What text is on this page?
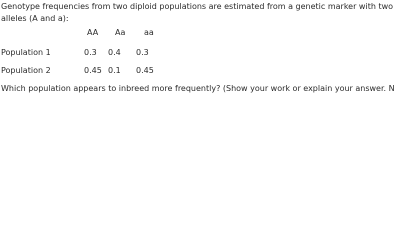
Genotype frequencies from two diploid populations are estimated from a genetic marker with two
alleles (A and a):
AA Aa aa
Population 1	0.3 0.4 0.3
Population 2	0.45 0.1 0.45
Which population appears to inbreed more frequently? (Show your work or explain your answer. N
